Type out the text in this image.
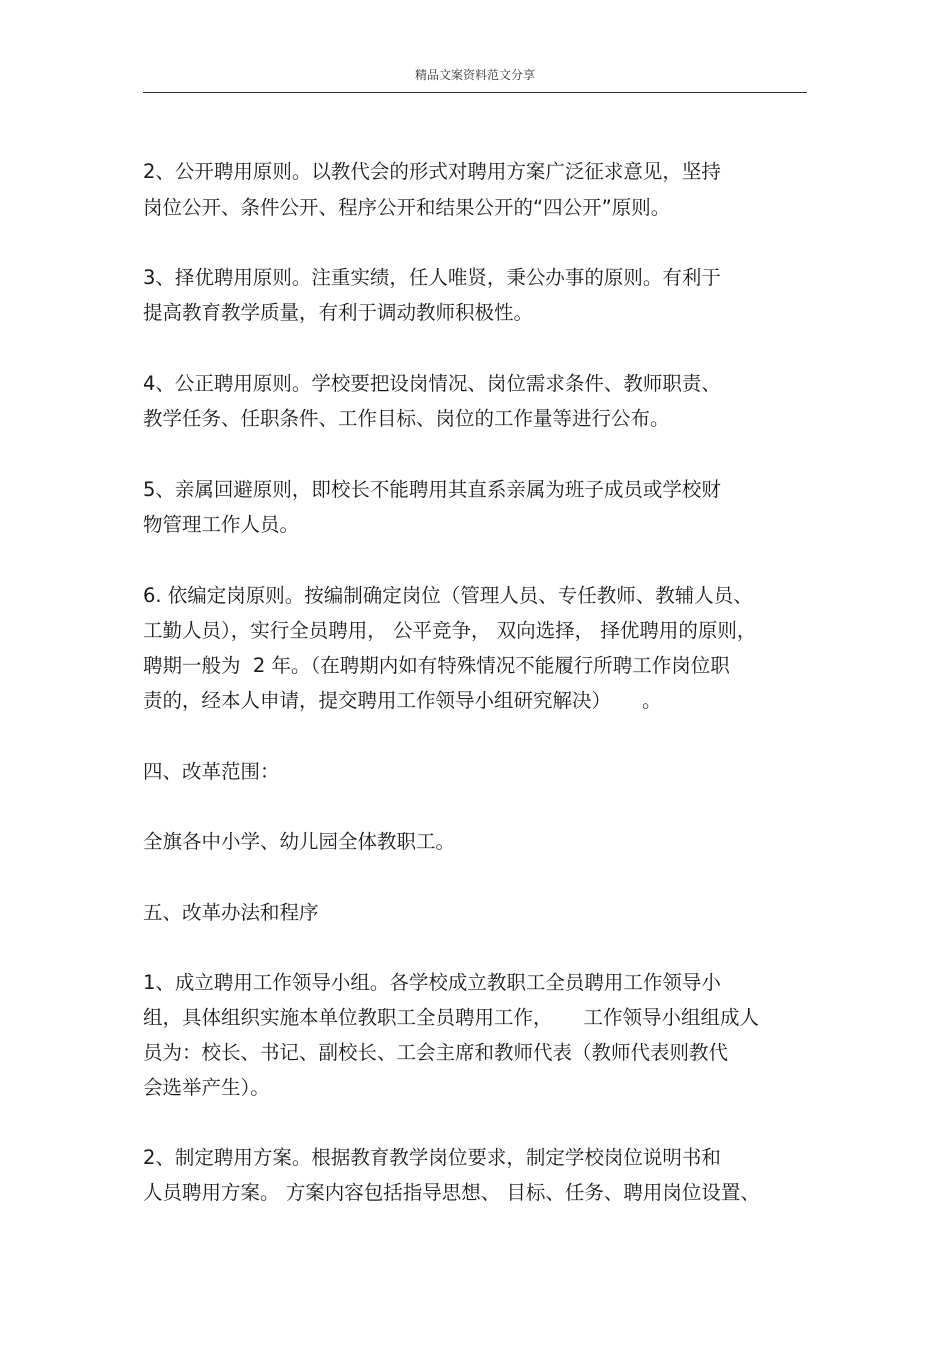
精品文案资料范文分享
2、公开聘用原则。以教代会的形式对聘用方案广泛征求意见，坚持
岗位公开、条件公开、程序公开和结果公开的“四公开”原则。
3、择优聘用原则。注重实绩，任人唯贤，秉公办事的原则。有利于
提高教育教学质量，有利于调动教师积极性。
4、公正聘用原则。学校要把设岗情况、岗位需求条件、教师职责、
教学任务、任职条件、工作目标、岗位的工作量等进行公布。
5、亲属回避原则，即校长不能聘用其直系亲属为班子成员或学校财
物管理工作人员。
6. 依编定岗原则。按编制确定岗位（管理人员、专任教师、教辅人员、
工勤人员），实行全员聘用， 公平竞争， 双向选择， 择优聘用的原则，
聘期一般为  2 年。（在聘期内如有特殊情况不能履行所聘工作岗位职
责的，经本人申请，提交聘用工作领导小组研究解决）     。
四、改革范围：
全旗各中小学、幼儿园全体教职工。
五、改革办法和程序
1、成立聘用工作领导小组。各学校成立教职工全员聘用工作领导小
组，具体组织实施本单位教职工全员聘用工作，     工作领导小组组成人
员为：校长、书记、副校长、工会主席和教师代表（教师代表则教代
会选举产生）。
2、制定聘用方案。根据教育教学岗位要求，制定学校岗位说明书和
人员聘用方案。 方案内容包括指导思想、 目标、任务、聘用岗位设置、
